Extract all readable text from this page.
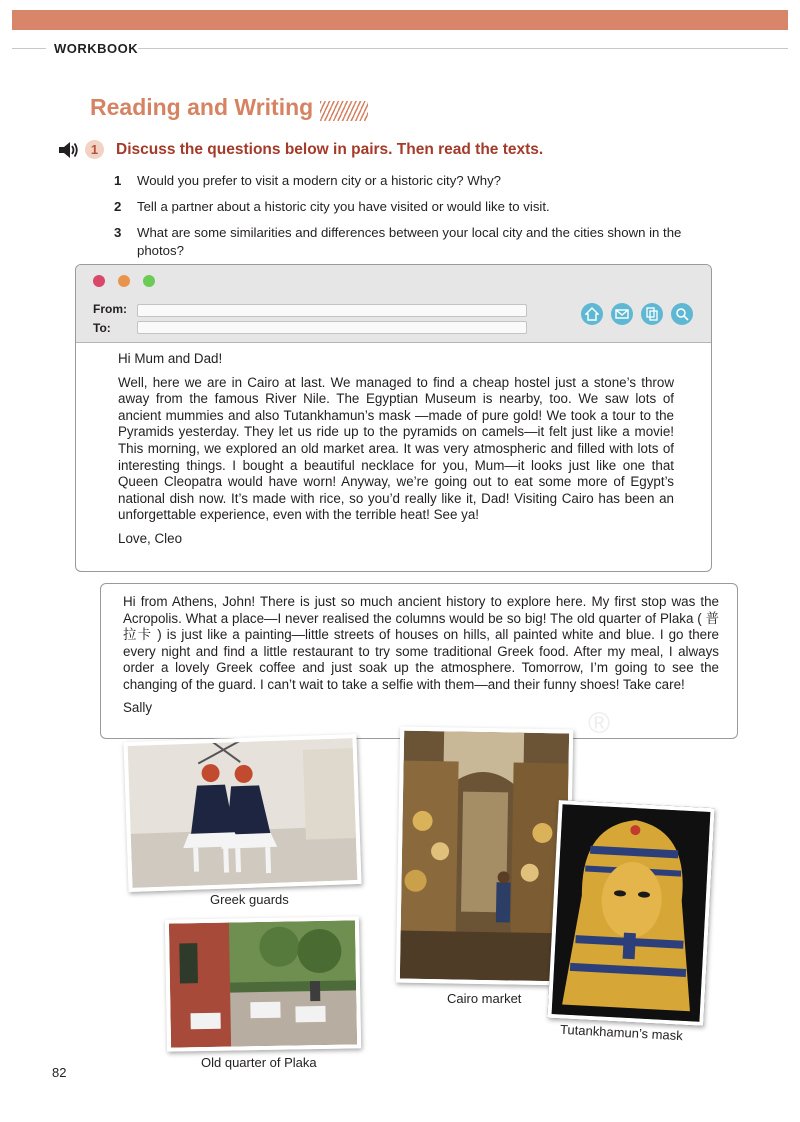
WORKBOOK
Reading and Writing
1	Discuss the questions below in pairs. Then read the texts.
1 Would you prefer to visit a modern city or a historic city? Why?
2 Tell a partner about a historic city you have visited or would like to visit.
3 What are some similarities and differences between your local city and the cities shown in the photos?
From:
To:

Hi Mum and Dad!

Well, here we are in Cairo at last. We managed to find a cheap hostel just a stone’s throw away from the famous River Nile. The Egyptian Museum is nearby, too. We saw lots of ancient mummies and also Tutankhamun’s mask —made of pure gold! We took a tour to the Pyramids yesterday. They let us ride up to the pyramids on camels—it felt just like a movie! This morning, we explored an old market area. It was very atmospheric and filled with lots of interesting things. I bought a beautiful necklace for you, Mum—it looks just like one that Queen Cleopatra would have worn! Anyway, we’re going out to eat some more of Egypt’s national dish now. It’s made with rice, so you’d really like it, Dad! Visiting Cairo has been an unforgettable experience, even with the terrible heat! See ya!

Love, Cleo

Hi from Athens, John! There is just so much ancient history to explore here. My first stop was the Acropolis. What a place—I never realised the columns would be so big! The old quarter of Plaka ( 普拉卡 ) is just like a painting—little streets of houses on hills, all painted white and blue. I go there every night and find a little restaurant to try some traditional Greek food. After my meal, I always order a lovely Greek coffee and just soak up the atmosphere. Tomorrow, I’m going to see the changing of the guard. I can’t wait to take a selfie with them—and their funny shoes! Take care!

Sally	®
Greek guards
Cairo market
Tutankhamun’s mask
Old quarter of Plaka
82
